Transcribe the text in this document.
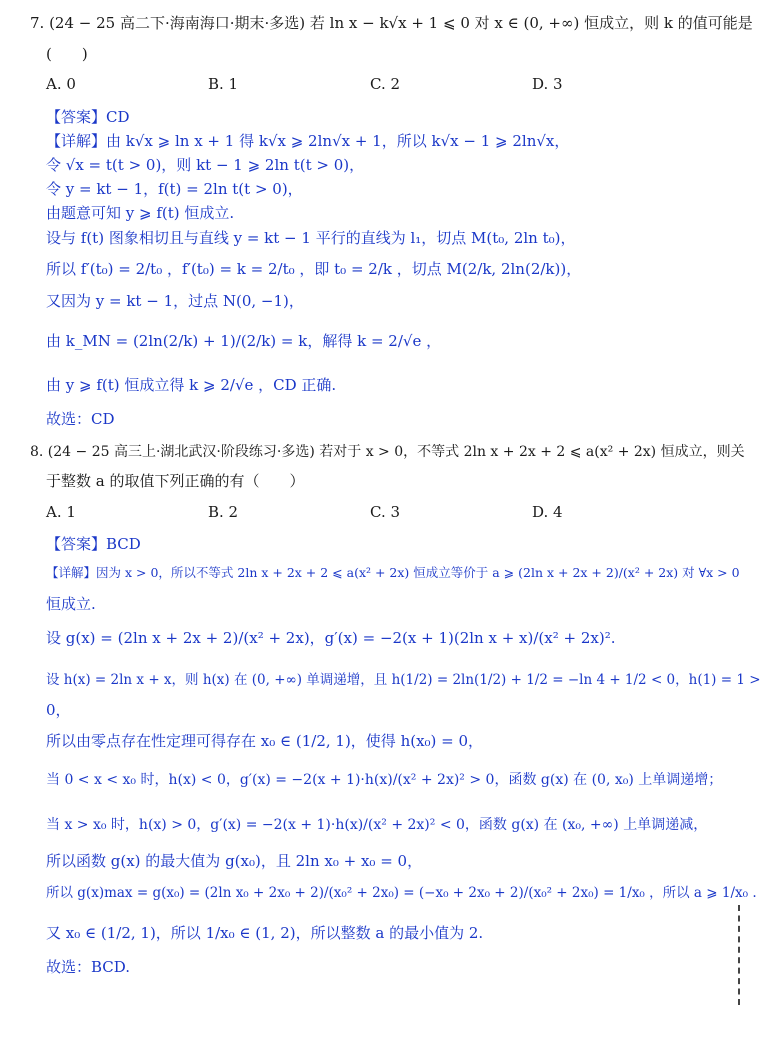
7. (24 − 25 高二下·海南海口·期末·多选) 若 ln x − k√x + 1 ⩽ 0 对 x ∈ (0, +∞) 恒成立，则 k 的值可能是
(　　)
A. 0	B. 1	C. 2	D. 3
【答案】CD
【详解】由 k√x ⩾ ln x + 1 得 k√x ⩾ 2ln√x + 1，所以 k√x − 1 ⩾ 2ln√x，
令 √x = t(t > 0)，则 kt − 1 ⩾ 2ln t(t > 0)，
令 y = kt − 1，f(t) = 2ln t(t > 0)，
由题意可知 y ⩾ f(t) 恒成立.
设与 f(t) 图象相切且与直线 y = kt − 1 平行的直线为 l₁，切点 M(t₀, 2ln t₀)，
所以 f′(t₀) = 2/t₀ ，f′(t₀) = k = 2/t₀ ，即 t₀ = 2/k ，切点 M(2/k, 2ln(2/k))，
又因为 y = kt − 1，过点 N(0, −1)，
由 k_MN = (2ln(2/k) + 1)/(2/k) = k，解得 k = 2/√e ，
由 y ⩾ f(t) 恒成立得 k ⩾ 2/√e ，CD 正确.
故选：CD
8. (24 − 25 高三上·湖北武汉·阶段练习·多选) 若对于 x > 0，不等式 2ln x + 2x + 2 ⩽ a(x² + 2x) 恒成立，则关
于整数 a 的取值下列正确的有（　　）
A. 1	B. 2	C. 3	D. 4
【答案】BCD
【详解】因为 x > 0，所以不等式 2ln x + 2x + 2 ⩽ a(x² + 2x) 恒成立等价于 a ⩾ (2ln x + 2x + 2)/(x² + 2x) 对 ∀x > 0
恒成立.
设 g(x) = (2ln x + 2x + 2)/(x² + 2x)，g′(x) = −2(x + 1)(2ln x + x)/(x² + 2x)².
设 h(x) = 2ln x + x，则 h(x) 在 (0, +∞) 单调递增，且 h(1/2) = 2ln(1/2) + 1/2 = −ln 4 + 1/2 < 0，h(1) = 1 >
0，
所以由零点存在性定理可得存在 x₀ ∈ (1/2, 1)，使得 h(x₀) = 0，
当 0 < x < x₀ 时，h(x) < 0，g′(x) = −2(x + 1)·h(x)/(x² + 2x)² > 0，函数 g(x) 在 (0, x₀) 上单调递增；
当 x > x₀ 时，h(x) > 0，g′(x) = −2(x + 1)·h(x)/(x² + 2x)² < 0，函数 g(x) 在 (x₀, +∞) 上单调递减，
所以函数 g(x) 的最大值为 g(x₀)，且 2ln x₀ + x₀ = 0，
所以 g(x)max = g(x₀) = (2ln x₀ + 2x₀ + 2)/(x₀² + 2x₀) = (−x₀ + 2x₀ + 2)/(x₀² + 2x₀) = 1/x₀ ，所以 a ⩾ 1/x₀ .
又 x₀ ∈ (1/2, 1)，所以 1/x₀ ∈ (1, 2)，所以整数 a 的最小值为 2.
故选：BCD.
